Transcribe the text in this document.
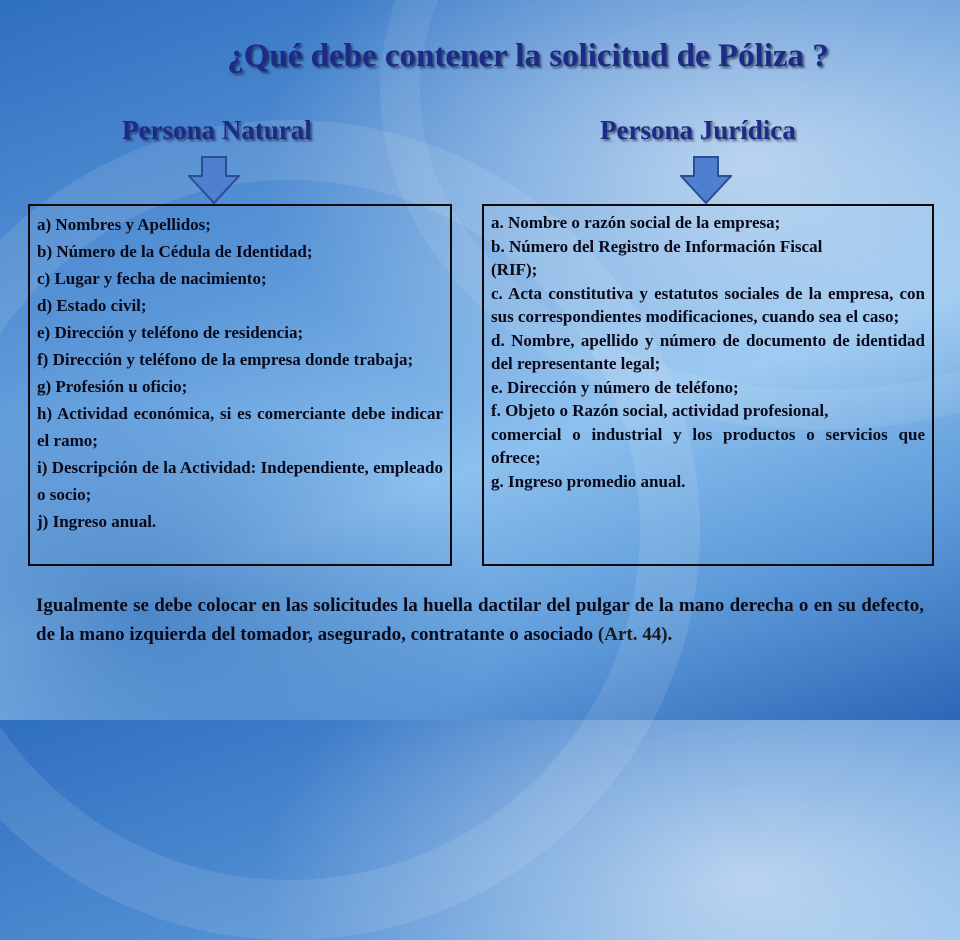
¿Qué debe contener la solicitud de Póliza ?
Persona Natural	Persona Jurídica

a) Nombres y Apellidos;

b) Número de la Cédula de Identidad;

c) Lugar y fecha de nacimiento;

d) Estado civil;

e) Dirección y teléfono de residencia;

f) Dirección y teléfono de la empresa donde trabaja;

g) Profesión u oficio;

h) Actividad económica, si es comerciante debe indicar el ramo;

i) Descripción de la Actividad: Independiente, empleado o socio;

j) Ingreso anual.

a. Nombre o razón social de la empresa;

b. Número del Registro de Información Fiscal

(RIF);

c. Acta constitutiva y estatutos sociales de la empresa, con sus correspondientes modificaciones, cuando sea el caso;

d. Nombre, apellido y número de documento de identidad del representante legal;

e. Dirección y número de teléfono;

f. Objeto o Razón social, actividad profesional,

comercial o industrial y los productos o servicios que ofrece;

g. Ingreso promedio anual.

Igualmente se debe colocar en las solicitudes la huella dactilar del pulgar de la mano derecha o en su defecto, de la mano izquierda del tomador, asegurado, contratante o asociado (Art. 44).
